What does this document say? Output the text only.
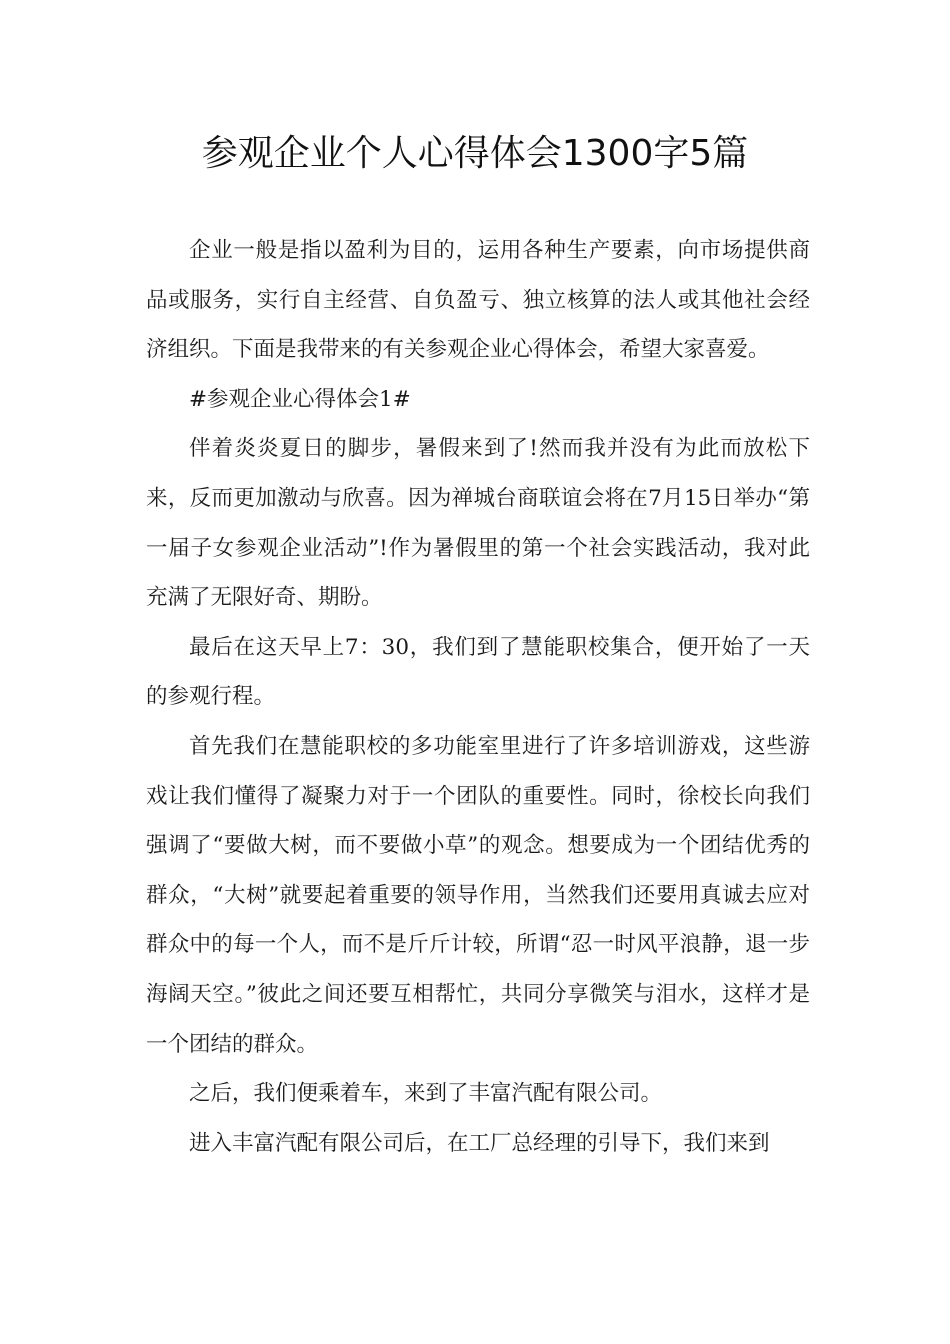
参观企业个人心得体会1300字5篇

企业一般是指以盈利为目的，运用各种生产要素，向市场提供商品或服务，实行自主经营、自负盈亏、独立核算的法人或其他社会经济组织。下面是我带来的有关参观企业心得体会，希望大家喜爱。

#参观企业心得体会1#

伴着炎炎夏日的脚步，暑假来到了!然而我并没有为此而放松下来，反而更加激动与欣喜。因为禅城台商联谊会将在7月15日举办“第一届子女参观企业活动”!作为暑假里的第一个社会实践活动，我对此充满了无限好奇、期盼。

最后在这天早上7：30，我们到了慧能职校集合，便开始了一天的参观行程。

首先我们在慧能职校的多功能室里进行了许多培训游戏，这些游戏让我们懂得了凝聚力对于一个团队的重要性。同时，徐校长向我们强调了“要做大树，而不要做小草”的观念。想要成为一个团结优秀的群众，“大树”就要起着重要的领导作用，当然我们还要用真诚去应对群众中的每一个人，而不是斤斤计较，所谓“忍一时风平浪静，退一步海阔天空。”彼此之间还要互相帮忙，共同分享微笑与泪水，这样才是一个团结的群众。

之后，我们便乘着车，来到了丰富汽配有限公司。

进入丰富汽配有限公司后，在工厂总经理的引导下，我们来到
